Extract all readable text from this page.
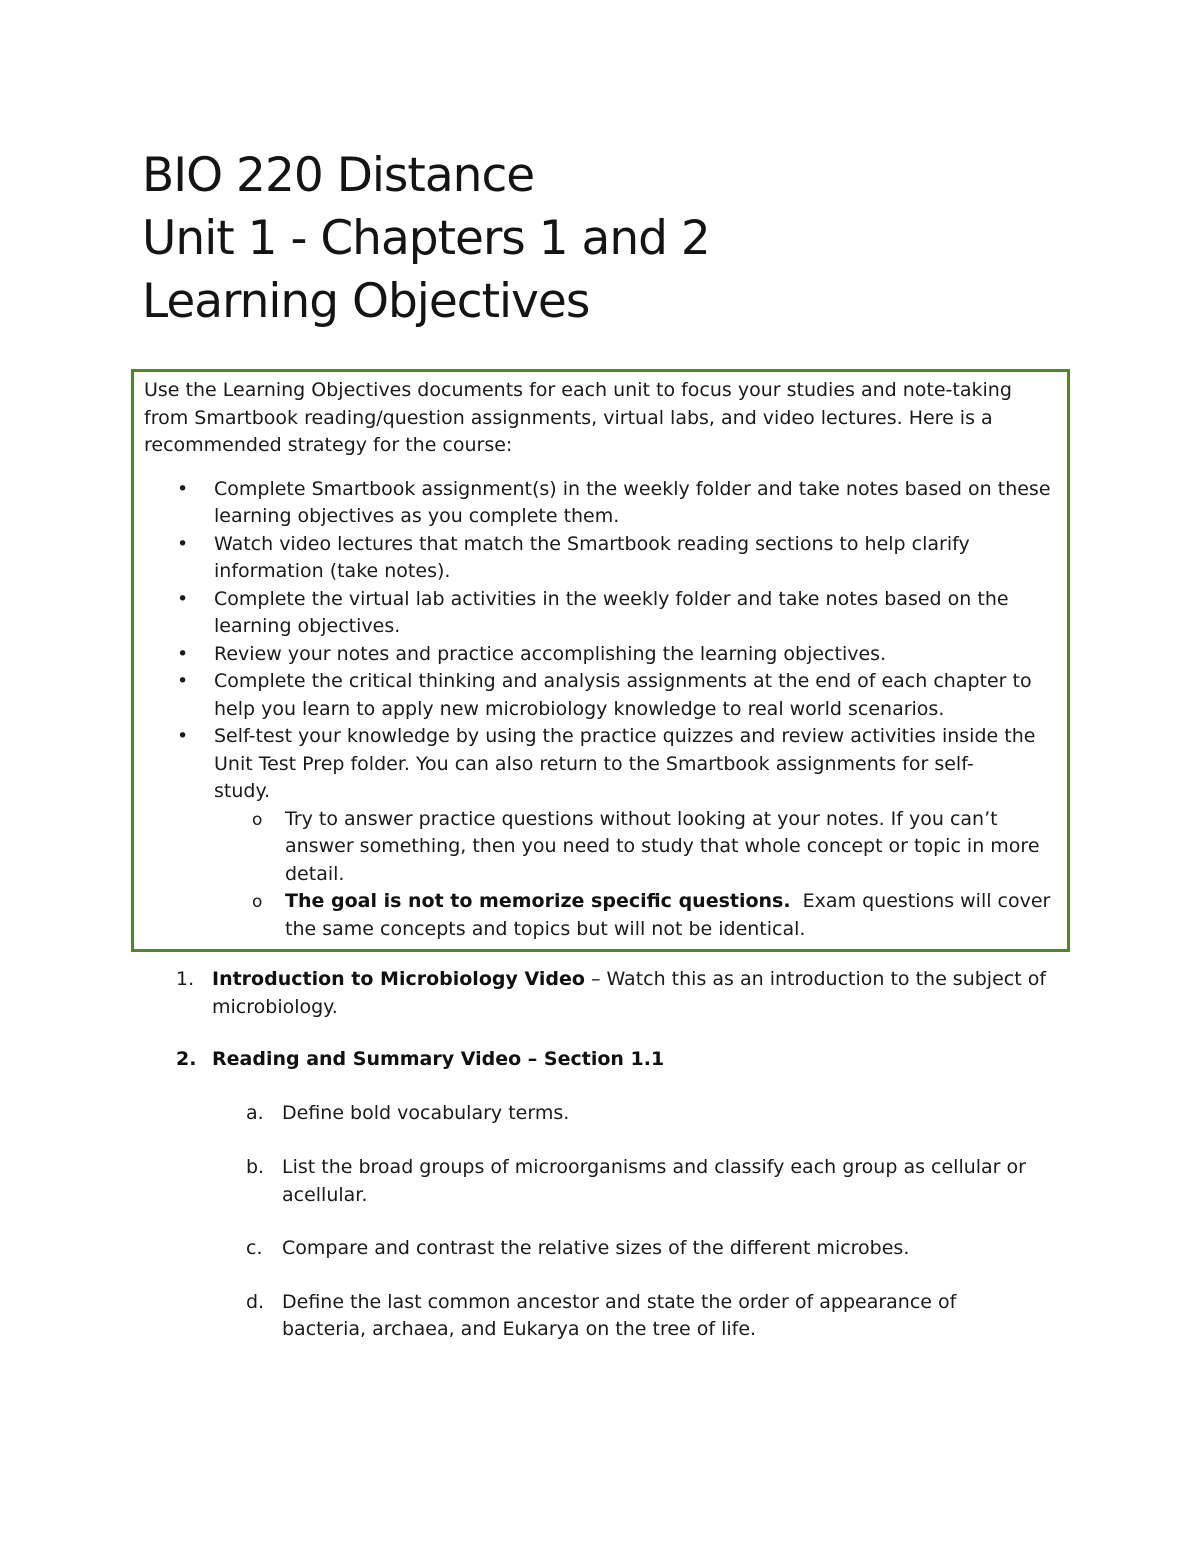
BIO 220 Distance
Unit 1 - Chapters 1 and 2
Learning Objectives
Use the Learning Objectives documents for each unit to focus your studies and note-taking
from Smartbook reading/question assignments, virtual labs, and video lectures. Here is a
recommended strategy for the course:
• Complete Smartbook assignment(s) in the weekly folder and take notes based on these
learning objectives as you complete them.
• Watch video lectures that match the Smartbook reading sections to help clarify
information (take notes).
• Complete the virtual lab activities in the weekly folder and take notes based on the
learning objectives.
• Review your notes and practice accomplishing the learning objectives.
• Complete the critical thinking and analysis assignments at the end of each chapter to
help you learn to apply new microbiology knowledge to real world scenarios.
• Self-test your knowledge by using the practice quizzes and review activities inside the
Unit Test Prep folder. You can also return to the Smartbook assignments for self-
study.
o Try to answer practice questions without looking at your notes. If you can’t
answer something, then you need to study that whole concept or topic in more
detail.
o The goal is not to memorize specific questions.  Exam questions will cover
the same concepts and topics but will not be identical.
1. Introduction to Microbiology Video – Watch this as an introduction to the subject of
microbiology.
2. Reading and Summary Video – Section 1.1
a. Define bold vocabulary terms.
b. List the broad groups of microorganisms and classify each group as cellular or
acellular.
c. Compare and contrast the relative sizes of the different microbes.
d. Define the last common ancestor and state the order of appearance of
bacteria, archaea, and Eukarya on the tree of life.
